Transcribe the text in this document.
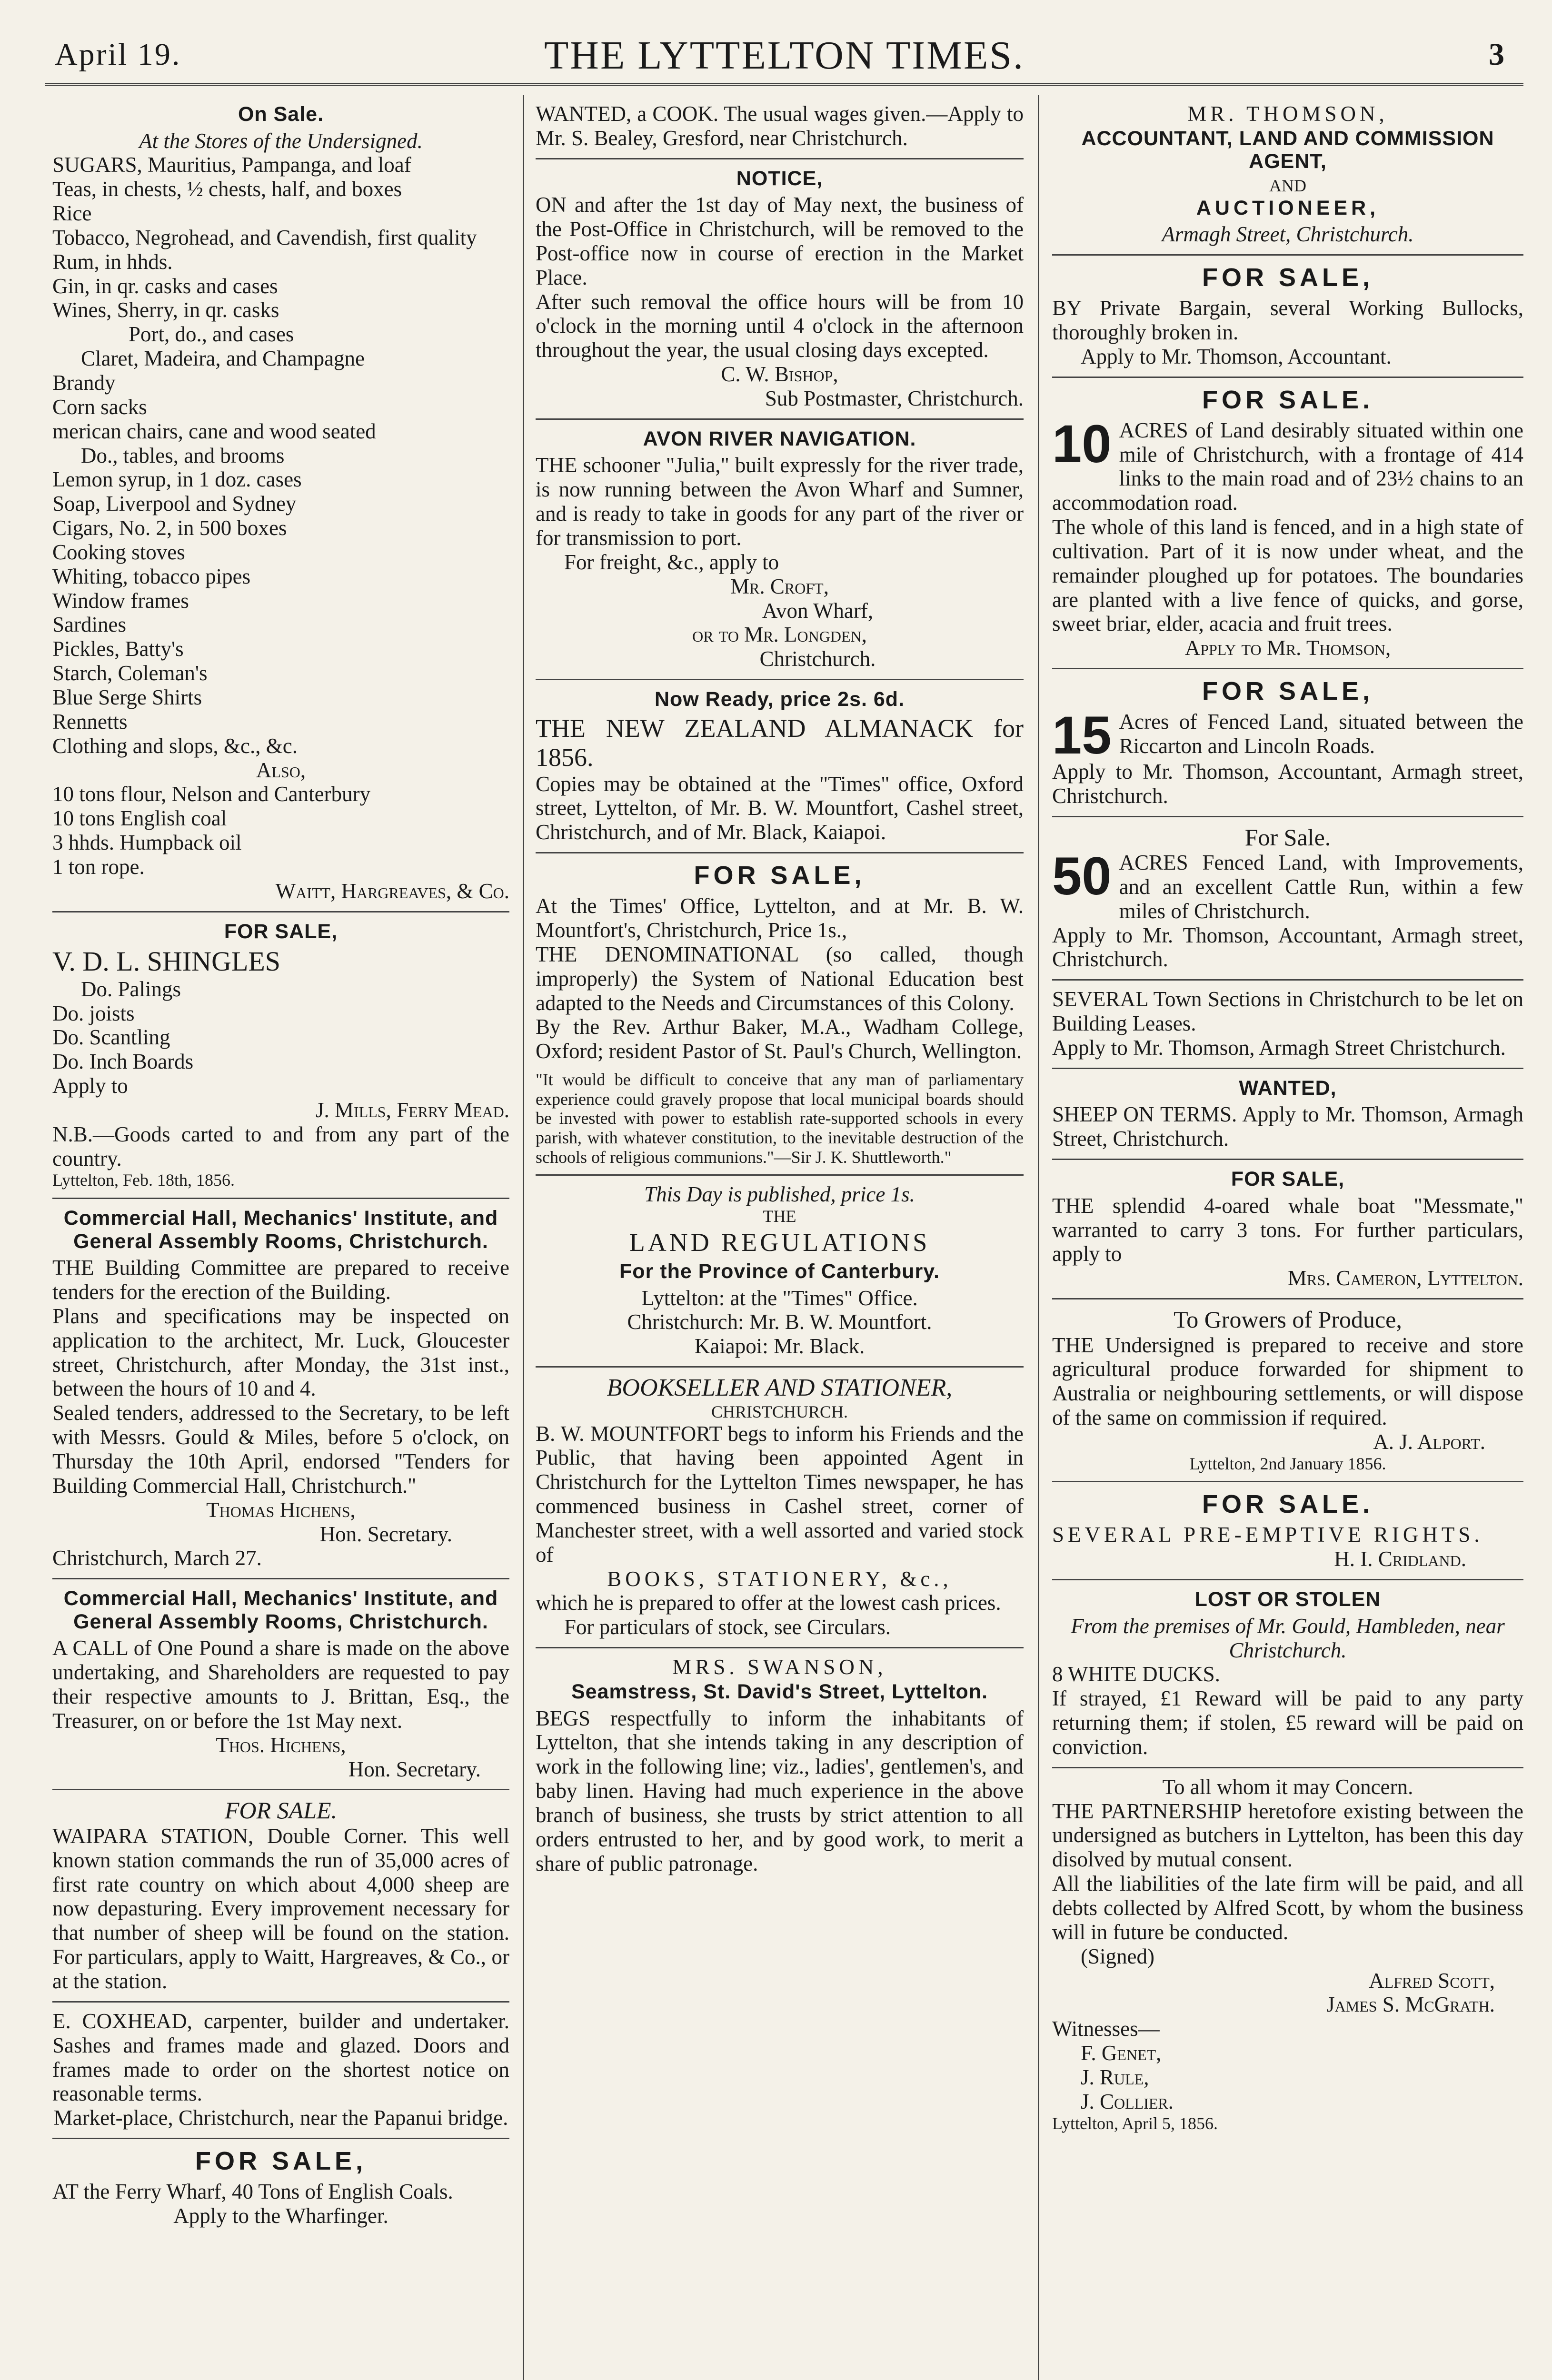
April 19.	THE LYTTELTON TIMES.	3
On Sale.
At the Stores of the Undersigned.
SUGARS, Mauritius, Pampanga, and loaf
Teas, in chests, ½ chests, half, and boxes
Rice
Tobacco, Negrohead, and Cavendish, first quality
Rum, in hhds.
Gin, in qr. casks and cases
Wines, Sherry, in qr. casks
Port, do., and cases
Claret, Madeira, and Champagne
Brandy
Corn sacks
merican chairs, cane and wood seated
Do., tables, and brooms
Lemon syrup, in 1 doz. cases
Soap, Liverpool and Sydney
Cigars, No. 2, in 500 boxes
Cooking stoves
Whiting, tobacco pipes
Window frames
Sardines
Pickles, Batty's
Starch, Coleman's
Blue Serge Shirts
Rennetts
Clothing and slops, &c., &c.
Also,
10 tons flour, Nelson and Canterbury
10 tons English coal
3 hhds. Humpback oil
1 ton rope.
Waitt, Hargreaves, & Co.
FOR SALE,
V. D. L. SHINGLES
Do. Palings
Do. joists
Do. Scantling
Do. Inch Boards
Apply to
J. Mills, Ferry Mead.
N.B.—Goods carted to and from any part of the country.
Lyttelton, Feb. 18th, 1856.
Commercial Hall, Mechanics' Institute, and General Assembly Rooms, Christchurch.
THE Building Committee are prepared to receive tenders for the erection of the Building.
Plans and specifications may be inspected on application to the architect, Mr. Luck, Gloucester street, Christchurch, after Monday, the 31st inst., between the hours of 10 and 4.
Sealed tenders, addressed to the Secretary, to be left with Messrs. Gould & Miles, before 5 o'clock, on Thursday the 10th April, endorsed "Tenders for Building Commercial Hall, Christchurch."
Thomas Hichens,
Hon. Secretary.
Christchurch, March 27.
Commercial Hall, Mechanics' Institute, and General Assembly Rooms, Christchurch.
A CALL of One Pound a share is made on the above undertaking, and Shareholders are requested to pay their respective amounts to J. Brittan, Esq., the Treasurer, on or before the 1st May next.
Thos. Hichens,
Hon. Secretary.
FOR SALE.
WAIPARA STATION, Double Corner. This well known station commands the run of 35,000 acres of first rate country on which about 4,000 sheep are now depasturing. Every improvement necessary for that number of sheep will be found on the station. For particulars, apply to Waitt, Hargreaves, & Co., or at the station.
E. COXHEAD, carpenter, builder and undertaker. Sashes and frames made and glazed. Doors and frames made to order on the shortest notice on reasonable terms.
Market-place, Christchurch, near the Papanui bridge.
FOR SALE,
AT the Ferry Wharf, 40 Tons of English Coals.
Apply to the Wharfinger.
WANTED, a COOK. The usual wages given.—Apply to Mr. S. Bealey, Gresford, near Christchurch.
NOTICE,
ON and after the 1st day of May next, the business of the Post-Office in Christchurch, will be removed to the Post-office now in course of erection in the Market Place.
After such removal the office hours will be from 10 o'clock in the morning until 4 o'clock in the afternoon throughout the year, the usual closing days excepted.
C. W. Bishop,
Sub Postmaster, Christchurch.
AVON RIVER NAVIGATION.
THE schooner "Julia," built expressly for the river trade, is now running between the Avon Wharf and Sumner, and is ready to take in goods for any part of the river or for transmission to port.
For freight, &c., apply to
Mr. Croft,
Avon Wharf,
or to Mr. Longden,
Christchurch.
Now Ready, price 2s. 6d.
THE NEW ZEALAND ALMANACK for 1856.
Copies may be obtained at the "Times" office, Oxford street, Lyttelton, of Mr. B. W. Mountfort, Cashel street, Christchurch, and of Mr. Black, Kaiapoi.
FOR SALE,
At the Times' Office, Lyttelton, and at Mr. B. W. Mountfort's, Christchurch, Price 1s.,
THE DENOMINATIONAL (so called, though improperly) the System of National Education best adapted to the Needs and Circumstances of this Colony.
By the Rev. Arthur Baker, M.A., Wadham College, Oxford; resident Pastor of St. Paul's Church, Wellington.
"It would be difficult to conceive that any man of parliamentary experience could gravely propose that local municipal boards should be invested with power to establish rate-supported schools in every parish, with whatever constitution, to the inevitable destruction of the schools of religious communions."—Sir J. K. Shuttleworth."
This Day is published, price 1s.
THE
LAND REGULATIONS
For the Province of Canterbury.
Lyttelton: at the "Times" Office.
Christchurch: Mr. B. W. Mountfort.
Kaiapoi: Mr. Black.
BOOKSELLER AND STATIONER,
CHRISTCHURCH.
B. W. MOUNTFORT begs to inform his Friends and the Public, that having been appointed Agent in Christchurch for the Lyttelton Times newspaper, he has commenced business in Cashel street, corner of Manchester street, with a well assorted and varied stock of
BOOKS, STATIONERY, &c.,
which he is prepared to offer at the lowest cash prices.
For particulars of stock, see Circulars.
MRS. SWANSON,
Seamstress, St. David's Street, Lyttelton.
BEGS respectfully to inform the inhabitants of Lyttelton, that she intends taking in any description of work in the following line; viz., ladies', gentlemen's, and baby linen. Having had much experience in the above branch of business, she trusts by strict attention to all orders entrusted to her, and by good work, to merit a share of public patronage.
MR. THOMSON,
ACCOUNTANT, LAND AND COMMISSION AGENT,
AND
AUCTIONEER,
Armagh Street, Christchurch.
FOR SALE,
BY Private Bargain, several Working Bullocks, thoroughly broken in.
Apply to Mr. Thomson, Accountant.
FOR SALE.
10 ACRES of Land desirably situated within one mile of Christchurch, with a frontage of 414 links to the main road and of 23½ chains to an accommodation road.
The whole of this land is fenced, and in a high state of cultivation. Part of it is now under wheat, and the remainder ploughed up for potatoes. The boundaries are planted with a live fence of quicks, and gorse, sweet briar, elder, acacia and fruit trees.
Apply to Mr. Thomson,
FOR SALE,
15 Acres of Fenced Land, situated between the Riccarton and Lincoln Roads.
Apply to Mr. Thomson, Accountant, Armagh street, Christchurch.
For Sale.
50 ACRES Fenced Land, with Improvements, and an excellent Cattle Run, within a few miles of Christchurch.
Apply to Mr. Thomson, Accountant, Armagh street, Christchurch.
SEVERAL Town Sections in Christchurch to be let on Building Leases.
Apply to Mr. Thomson, Armagh Street Christchurch.
WANTED,
SHEEP ON TERMS. Apply to Mr. Thomson, Armagh Street, Christchurch.
FOR SALE,
THE splendid 4-oared whale boat "Messmate," warranted to carry 3 tons. For further particulars, apply to
Mrs. Cameron, Lyttelton.
To Growers of Produce,
THE Undersigned is prepared to receive and store agricultural produce forwarded for shipment to Australia or neighbouring settlements, or will dispose of the same on commission if required.
A. J. Alport.
Lyttelton, 2nd January 1856.
FOR SALE.
SEVERAL PRE-EMPTIVE RIGHTS.
H. I. Cridland.
LOST OR STOLEN
From the premises of Mr. Gould, Hambleden, near Christchurch.
8 WHITE DUCKS.
If strayed, £1 Reward will be paid to any party returning them; if stolen, £5 reward will be paid on conviction.
To all whom it may Concern.
THE PARTNERSHIP heretofore existing between the undersigned as butchers in Lyttelton, has been this day disolved by mutual consent.
All the liabilities of the late firm will be paid, and all debts collected by Alfred Scott, by whom the business will in future be conducted.
(Signed)
Alfred Scott,
James S. McGrath.
Witnesses—
F. Genet,
J. Rule,
J. Collier.
Lyttelton, April 5, 1856.
